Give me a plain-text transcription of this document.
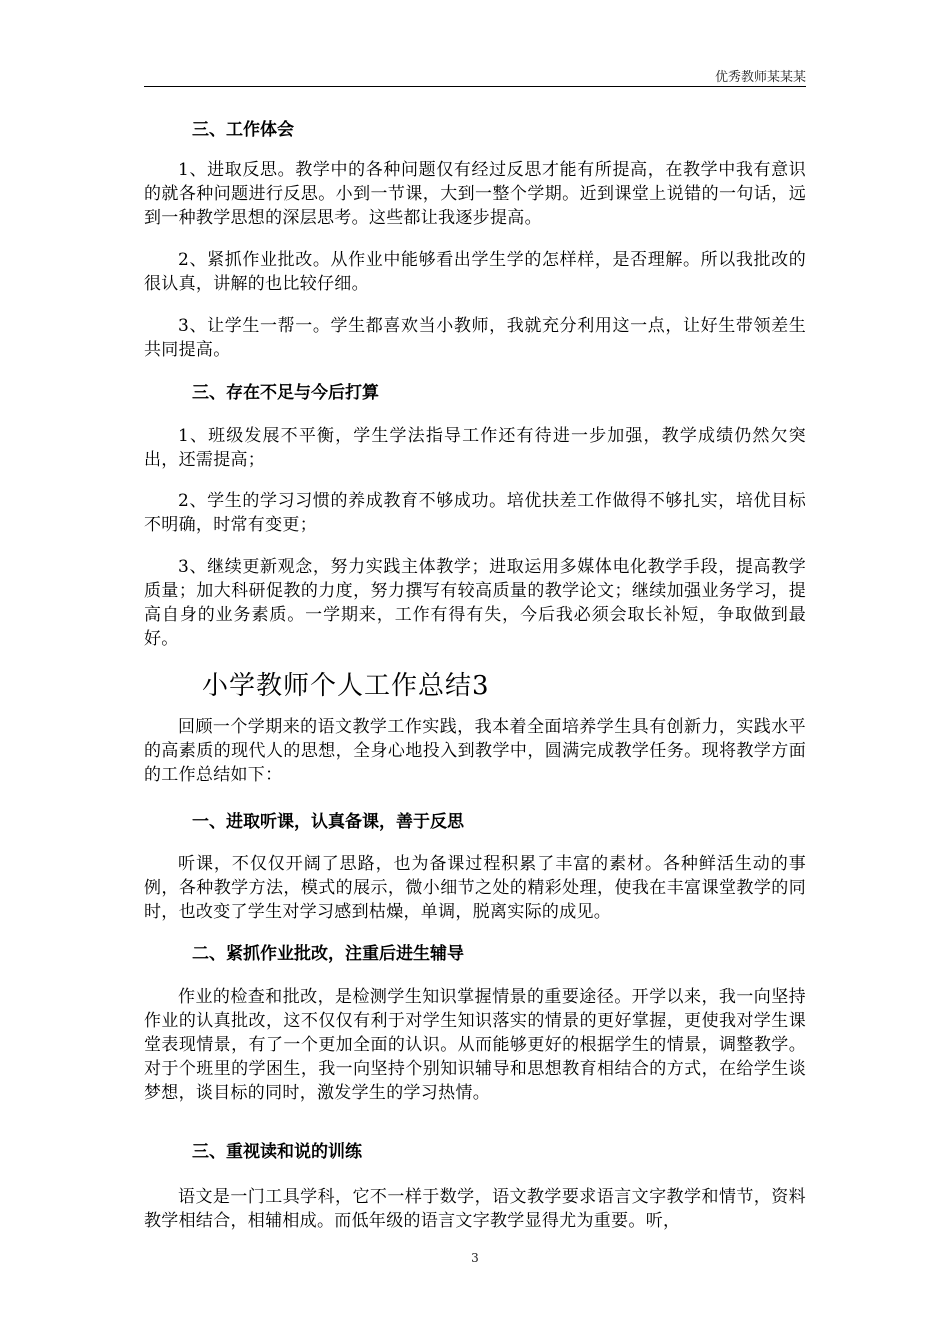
优秀教师某某某
三、工作体会
1、进取反思。教学中的各种问题仅有经过反思才能有所提高，在教学中我有意识的就各种问题进行反思。小到一节课，大到一整个学期。近到课堂上说错的一句话，远到一种教学思想的深层思考。这些都让我逐步提高。
2、紧抓作业批改。从作业中能够看出学生学的怎样样，是否理解。所以我批改的很认真，讲解的也比较仔细。
3、让学生一帮一。学生都喜欢当小教师，我就充分利用这一点，让好生带领差生共同提高。
三、存在不足与今后打算
1、班级发展不平衡，学生学法指导工作还有待进一步加强，教学成绩仍然欠突出，还需提高；
2、学生的学习习惯的养成教育不够成功。培优扶差工作做得不够扎实，培优目标不明确，时常有变更；
3、继续更新观念，努力实践主体教学；进取运用多媒体电化教学手段，提高教学质量；加大科研促教的力度，努力撰写有较高质量的教学论文；继续加强业务学习，提高自身的业务素质。一学期来，工作有得有失，今后我必须会取长补短，争取做到最好。
小学教师个人工作总结3
回顾一个学期来的语文教学工作实践，我本着全面培养学生具有创新力，实践水平的高素质的现代人的思想，全身心地投入到教学中，圆满完成教学任务。现将教学方面的工作总结如下：
一、进取听课，认真备课，善于反思
听课，不仅仅开阔了思路，也为备课过程积累了丰富的素材。各种鲜活生动的事例，各种教学方法，模式的展示，微小细节之处的精彩处理，使我在丰富课堂教学的同时，也改变了学生对学习感到枯燥，单调，脱离实际的成见。
二、紧抓作业批改，注重后进生辅导
作业的检查和批改，是检测学生知识掌握情景的重要途径。开学以来，我一向坚持作业的认真批改，这不仅仅有利于对学生知识落实的情景的更好掌握，更使我对学生课堂表现情景，有了一个更加全面的认识。从而能够更好的根据学生的情景，调整教学。对于个班里的学困生，我一向坚持个别知识辅导和思想教育相结合的方式，在给学生谈梦想，谈目标的同时，激发学生的学习热情。
三、重视读和说的训练
语文是一门工具学科，它不一样于数学，语文教学要求语言文字教学和情节，资料教学相结合，相辅相成。而低年级的语言文字教学显得尤为重要。听，
3
